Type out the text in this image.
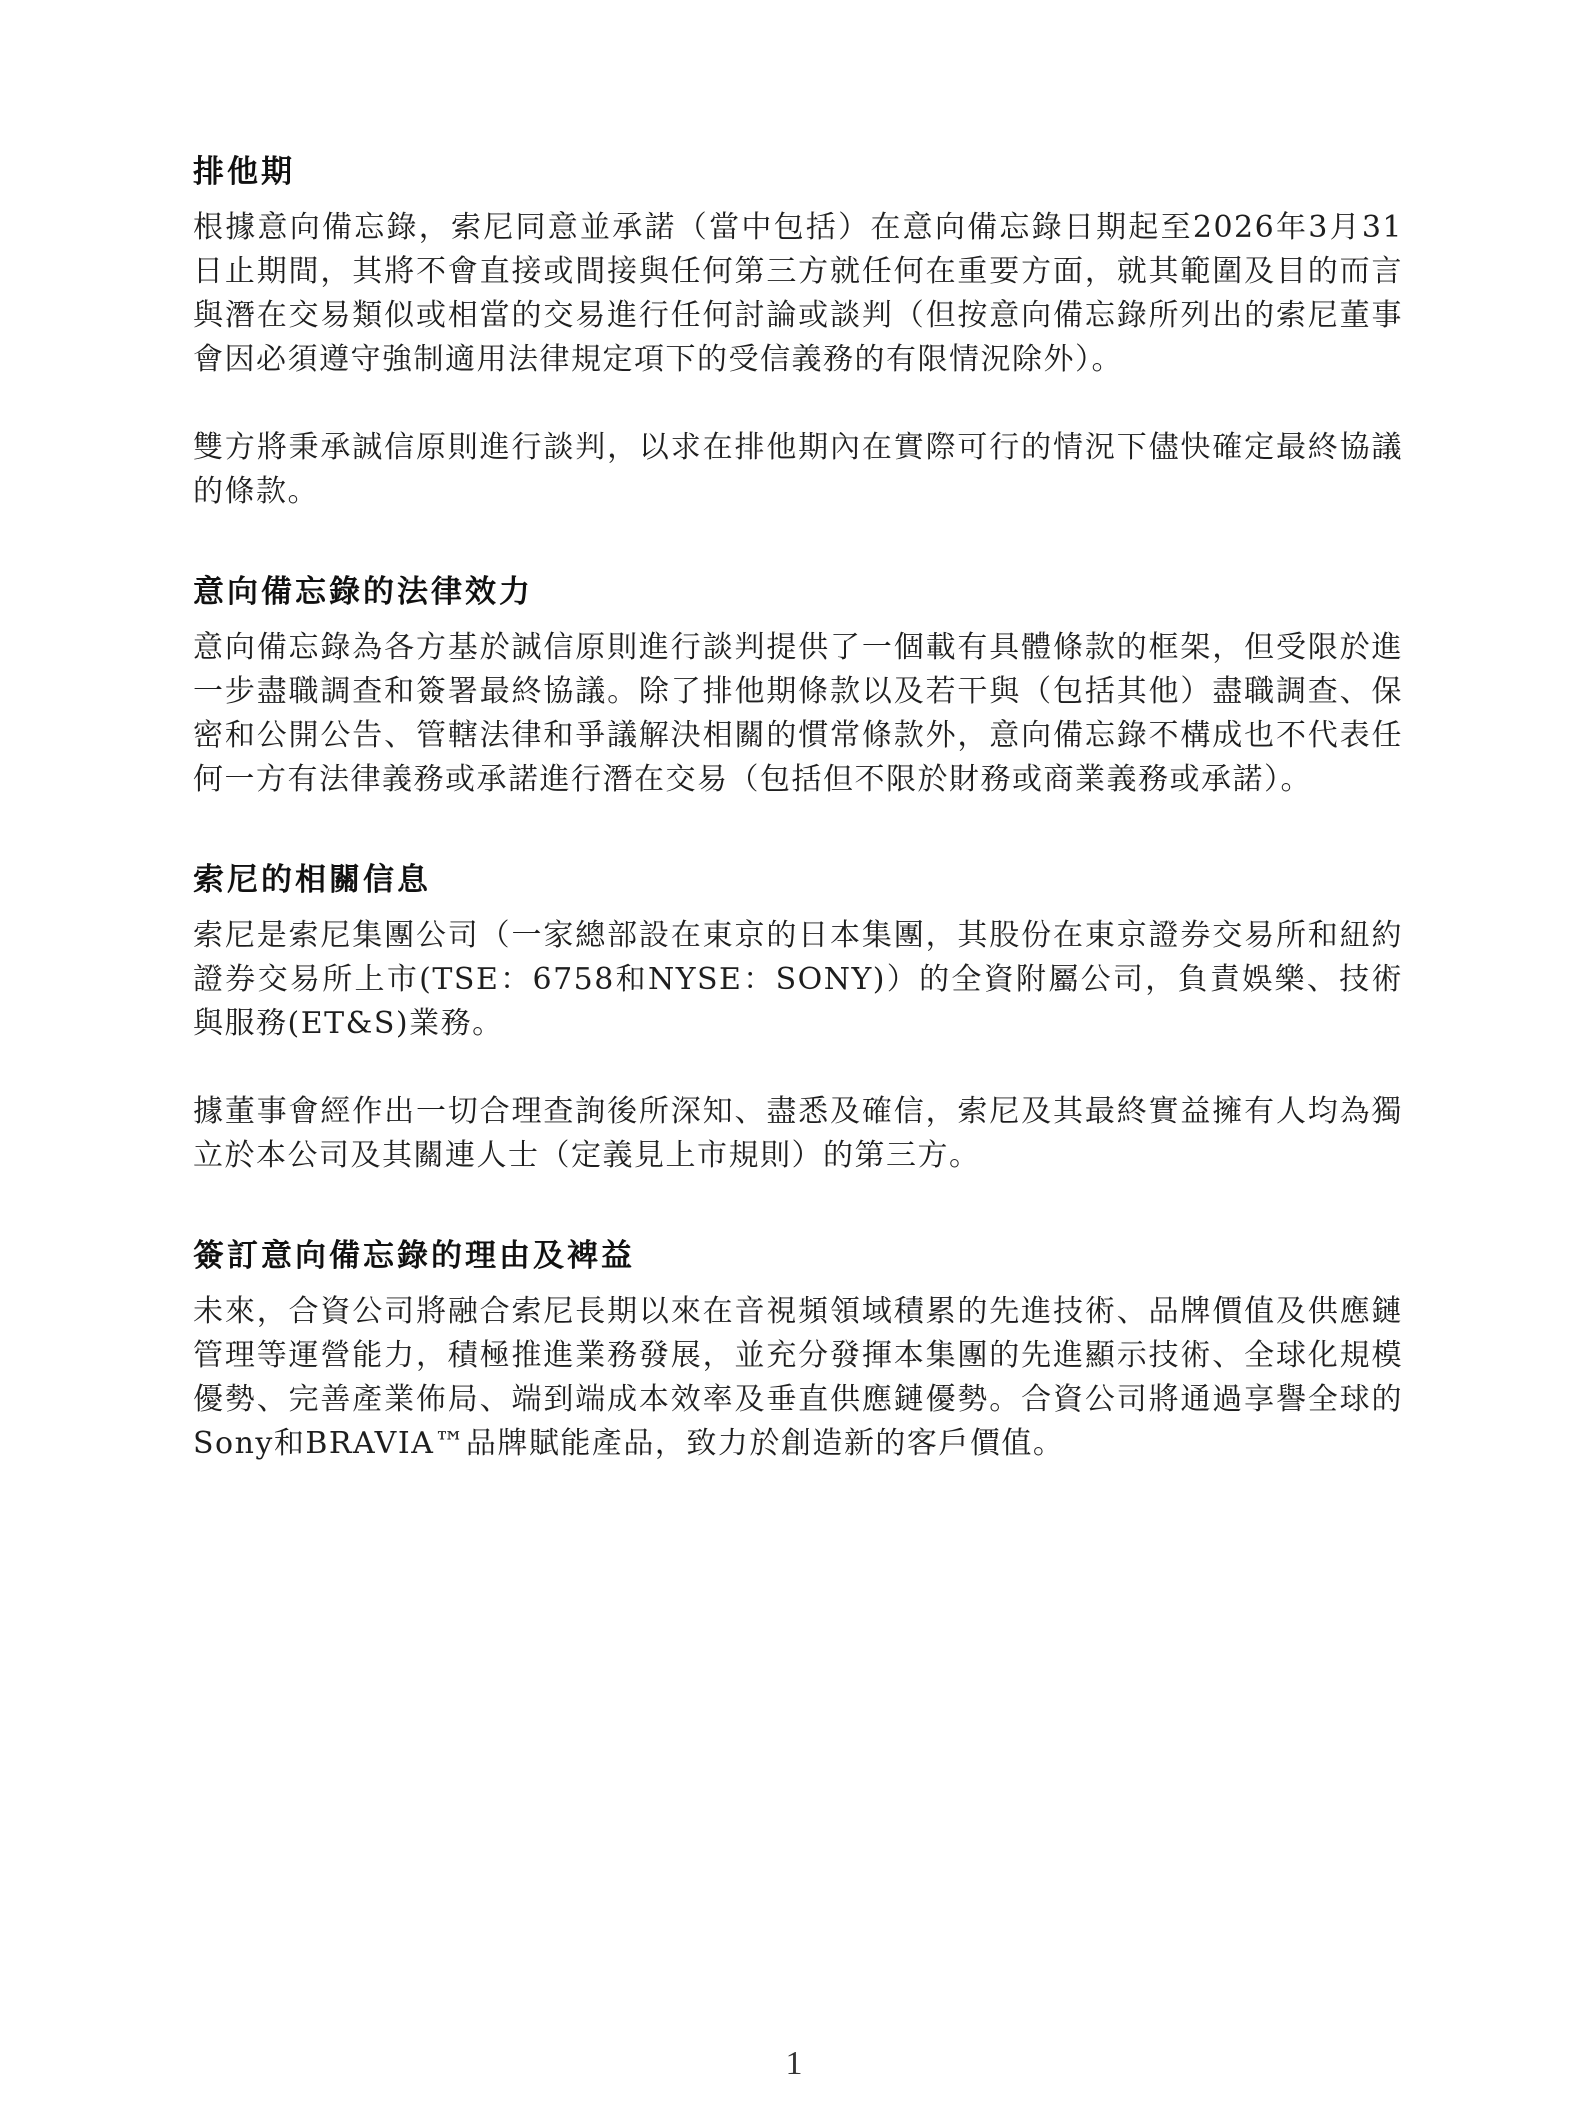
排他期

根據意向備忘錄，索尼同意並承諾（當中包括）在意向備忘錄日期起至2026年3月31日止期間，其將不會直接或間接與任何第三方就任何在重要方面，就其範圍及目的而言與潛在交易類似或相當的交易進行任何討論或談判（但按意向備忘錄所列出的索尼董事會因必須遵守強制適用法律規定項下的受信義務的有限情況除外）。

雙方將秉承誠信原則進行談判，以求在排他期內在實際可行的情況下儘快確定最終協議的條款。

意向備忘錄的法律效力

意向備忘錄為各方基於誠信原則進行談判提供了一個載有具體條款的框架，但受限於進一步盡職調查和簽署最終協議。除了排他期條款以及若干與（包括其他）盡職調查、保密和公開公告、管轄法律和爭議解決相關的慣常條款外，意向備忘錄不構成也不代表任何一方有法律義務或承諾進行潛在交易（包括但不限於財務或商業義務或承諾）。

索尼的相關信息

索尼是索尼集團公司（一家總部設在東京的日本集團，其股份在東京證券交易所和紐約證券交易所上市(TSE：6758和NYSE：SONY)）的全資附屬公司，負責娛樂、技術與服務(ET&S)業務。

據董事會經作出一切合理查詢後所深知、盡悉及確信，索尼及其最終實益擁有人均為獨立於本公司及其關連人士（定義見上市規則）的第三方。

簽訂意向備忘錄的理由及裨益

未來，合資公司將融合索尼長期以來在音視頻領域積累的先進技術、品牌價值及供應鏈管理等運營能力，積極推進業務發展，並充分發揮本集團的先進顯示技術、全球化規模優勢、完善產業佈局、端到端成本效率及垂直供應鏈優勢。合資公司將通過享譽全球的Sony和BRAVIA™品牌賦能產品，致力於創造新的客戶價值。

1
